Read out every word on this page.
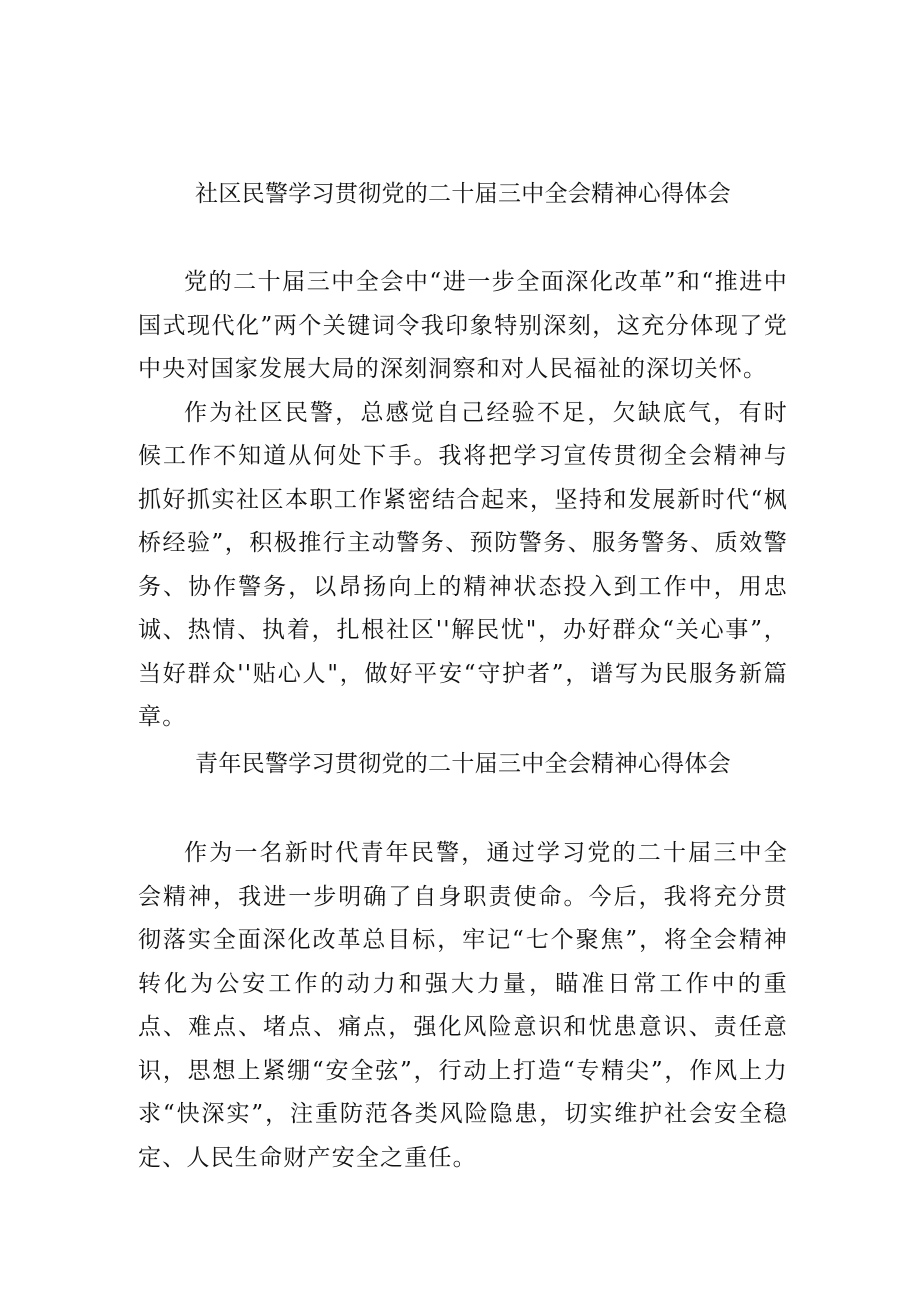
社区民警学习贯彻党的二十届三中全会精神心得体会

党的二十届三中全会中“进一步全面深化改革”和“推进中国式现代化”两个关键词令我印象特别深刻，这充分体现了党中央对国家发展大局的深刻洞察和对人民福祉的深切关怀。

作为社区民警，总感觉自己经验不足，欠缺底气，有时候工作不知道从何处下手。我将把学习宣传贯彻全会精神与抓好抓实社区本职工作紧密结合起来，坚持和发展新时代“枫桥经验”，积极推行主动警务、预防警务、服务警务、质效警务、协作警务，以昂扬向上的精神状态投入到工作中，用忠诚、热情、执着，扎根社区''解民忧"，办好群众“关心事”，当好群众''贴心人"，做好平安“守护者”，谱写为民服务新篇章。

青年民警学习贯彻党的二十届三中全会精神心得体会

作为一名新时代青年民警，通过学习党的二十届三中全会精神，我进一步明确了自身职责使命。今后，我将充分贯彻落实全面深化改革总目标，牢记“七个聚焦”，将全会精神转化为公安工作的动力和强大力量，瞄准日常工作中的重点、难点、堵点、痛点，强化风险意识和忧患意识、责任意识，思想上紧绷“安全弦”，行动上打造“专精尖”，作风上力求“快深实”，注重防范各类风险隐患，切实维护社会安全稳定、人民生命财产安全之重任。
